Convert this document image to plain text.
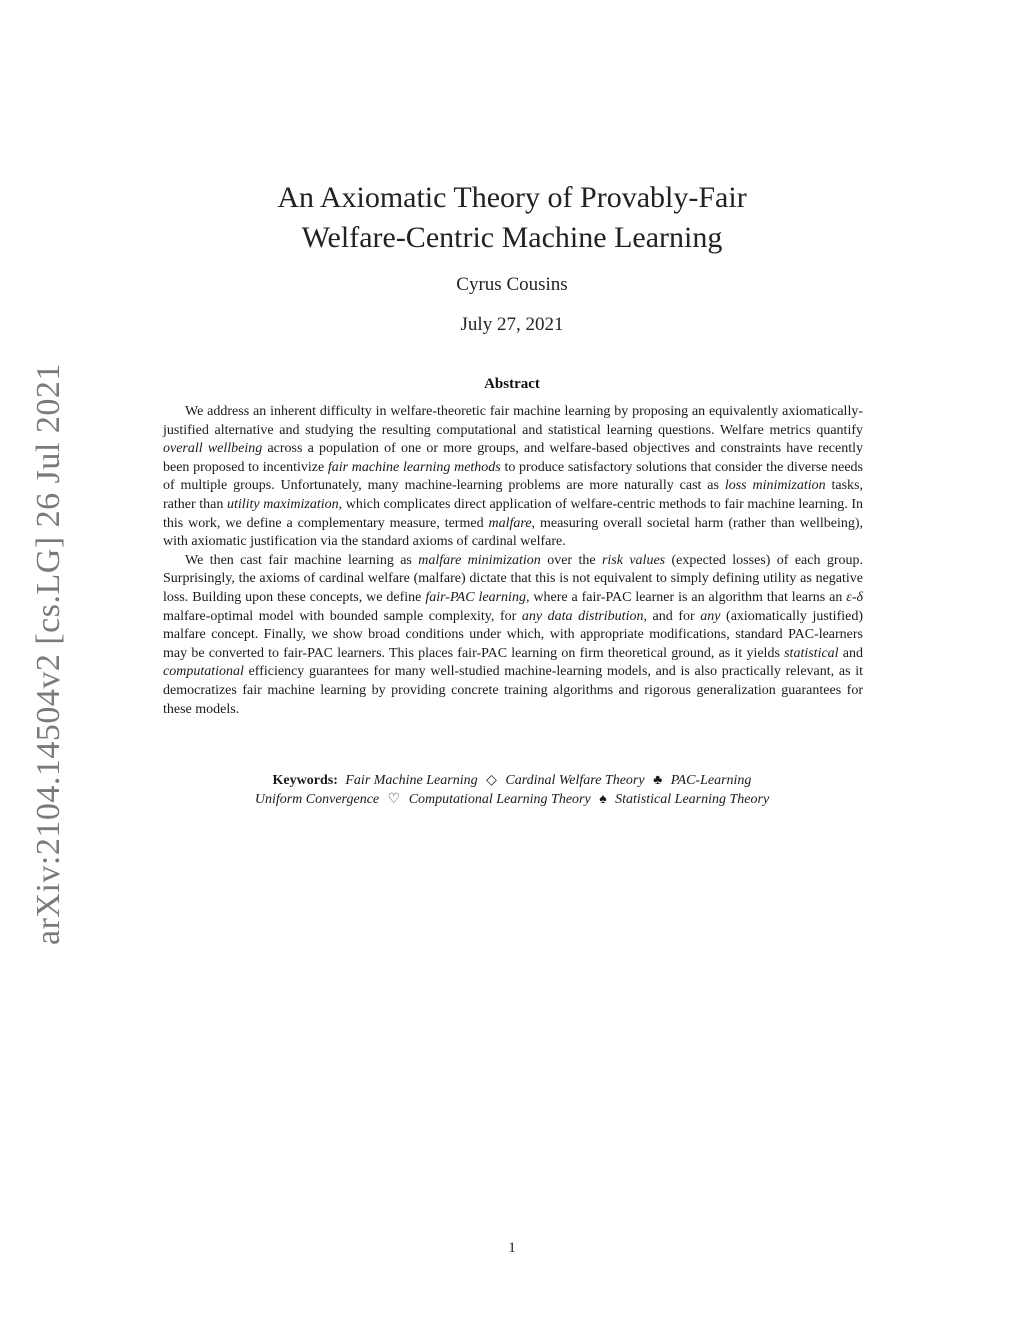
arXiv:2104.14504v2 [cs.LG] 26 Jul 2021
An Axiomatic Theory of Provably-Fair
Welfare-Centric Machine Learning
Cyrus Cousins
July 27, 2021
Abstract

We address an inherent difficulty in welfare-theoretic fair machine learning by proposing an equivalently axiomatically-justified alternative and studying the resulting computational and statistical learning questions. Welfare metrics quantify overall wellbeing across a population of one or more groups, and welfare-based objectives and constraints have recently been proposed to incentivize fair machine learning methods to produce satisfactory solutions that consider the diverse needs of multiple groups. Unfortunately, many machine-learning problems are more naturally cast as loss minimization tasks, rather than utility maximization, which complicates direct application of welfare-centric methods to fair machine learning. In this work, we define a complementary measure, termed malfare, measuring overall societal harm (rather than wellbeing), with axiomatic justification via the standard axioms of cardinal welfare.

We then cast fair machine learning as malfare minimization over the risk values (expected losses) of each group. Surprisingly, the axioms of cardinal welfare (malfare) dictate that this is not equivalent to simply defining utility as negative loss. Building upon these concepts, we define fair-PAC learning, where a fair-PAC learner is an algorithm that learns an ε-δ malfare-optimal model with bounded sample complexity, for any data distribution, and for any (axiomatically justified) malfare concept. Finally, we show broad conditions under which, with appropriate modifications, standard PAC-learners may be converted to fair-PAC learners. This places fair-PAC learning on firm theoretical ground, as it yields statistical and computational efficiency guarantees for many well-studied machine-learning models, and is also practically relevant, as it democratizes fair machine learning by providing concrete training algorithms and rigorous generalization guarantees for these models.

Keywords: Fair Machine Learning ◇ Cardinal Welfare Theory ♣ PAC-Learning
Uniform Convergence ♡ Computational Learning Theory ♠ Statistical Learning Theory
1
